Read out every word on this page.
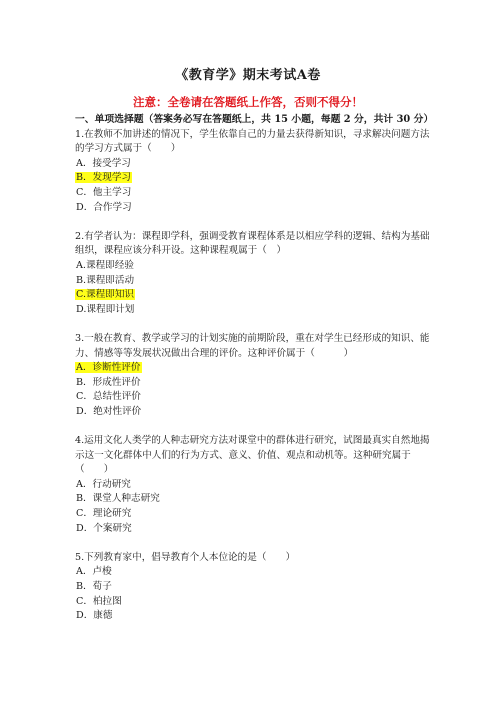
《教育学》期末考试A卷
注意：全卷请在答题纸上作答，否则不得分！
一、单项选择题（答案务必写在答题纸上，共 15 小题，每题 2 分，共计 30 分）
1.在教师不加讲述的情况下，学生依靠自己的力量去获得新知识，寻求解决问题方法的学习方式属于（　　）
A．接受学习
B．发现学习
C．他主学习
D．合作学习
2.有学者认为：课程即学科，强调受教育课程体系是以相应学科的逻辑、结构为基础组织，课程应该分科开设。这种课程观属于（　）
A.课程即经验
B.课程即活动
C.课程即知识
D.课程即计划
3.一般在教育、教学或学习的计划实施的前期阶段，重在对学生已经形成的知识、能力、情感等等发展状况做出合理的评价。这种评价属于（　　　）
A．诊断性评价
B．形成性评价
C．总结性评价
D．绝对性评价
4.运用文化人类学的人种志研究方法对课堂中的群体进行研究，试图最真实自然地揭示这一文化群体中人们的行为方式、意义、价值、观点和动机等。这种研究属于（　　）
A．行动研究
B．课堂人种志研究
C．理论研究
D．个案研究
5.下列教育家中，倡导教育个人本位论的是（　　）
A．卢梭
B．荀子
C．柏拉图
D．康德
